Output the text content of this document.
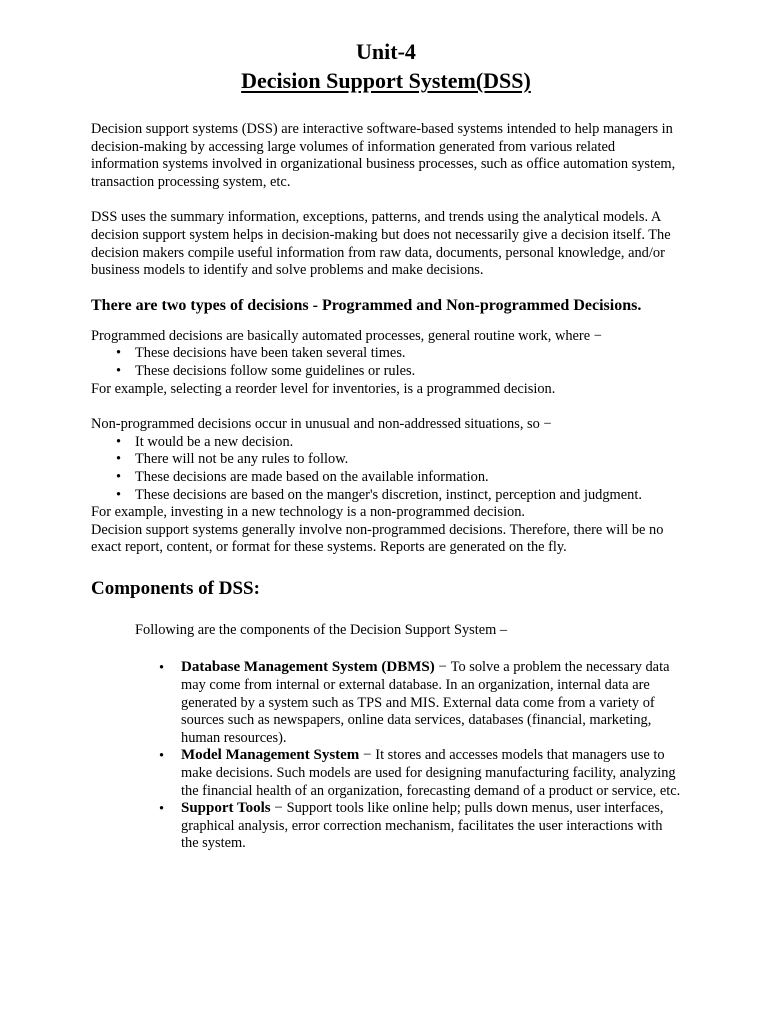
Unit-4
Decision Support System(DSS)

Decision support systems (DSS) are interactive software-based systems intended to help managers in decision-making by accessing large volumes of information generated from various related information systems involved in organizational business processes, such as office automation system, transaction processing system, etc.

DSS uses the summary information, exceptions, patterns, and trends using the analytical models. A decision support system helps in decision-making but does not necessarily give a decision itself. The decision makers compile useful information from raw data, documents, personal knowledge, and/or business models to identify and solve problems and make decisions.

There are two types of decisions - Programmed and Non-programmed Decisions.

Programmed decisions are basically automated processes, general routine work, where −

• These decisions have been taken several times.
• These decisions follow some guidelines or rules.

For example, selecting a reorder level for inventories, is a programmed decision.

Non-programmed decisions occur in unusual and non-addressed situations, so −

• It would be a new decision.
• There will not be any rules to follow.
• These decisions are made based on the available information.
• These decisions are based on the manger's discretion, instinct, perception and judgment.

For example, investing in a new technology is a non-programmed decision.

Decision support systems generally involve non-programmed decisions. Therefore, there will be no exact report, content, or format for these systems. Reports are generated on the fly.

Components of DSS:

Following are the components of the Decision Support System –

• Database Management System (DBMS) − To solve a problem the necessary data may come from internal or external database. In an organization, internal data are generated by a system such as TPS and MIS. External data come from a variety of sources such as newspapers, online data services, databases (financial, marketing, human resources).
• Model Management System − It stores and accesses models that managers use to make decisions. Such models are used for designing manufacturing facility, analyzing the financial health of an organization, forecasting demand of a product or service, etc.
• Support Tools − Support tools like online help; pulls down menus, user interfaces, graphical analysis, error correction mechanism, facilitates the user interactions with the system.
